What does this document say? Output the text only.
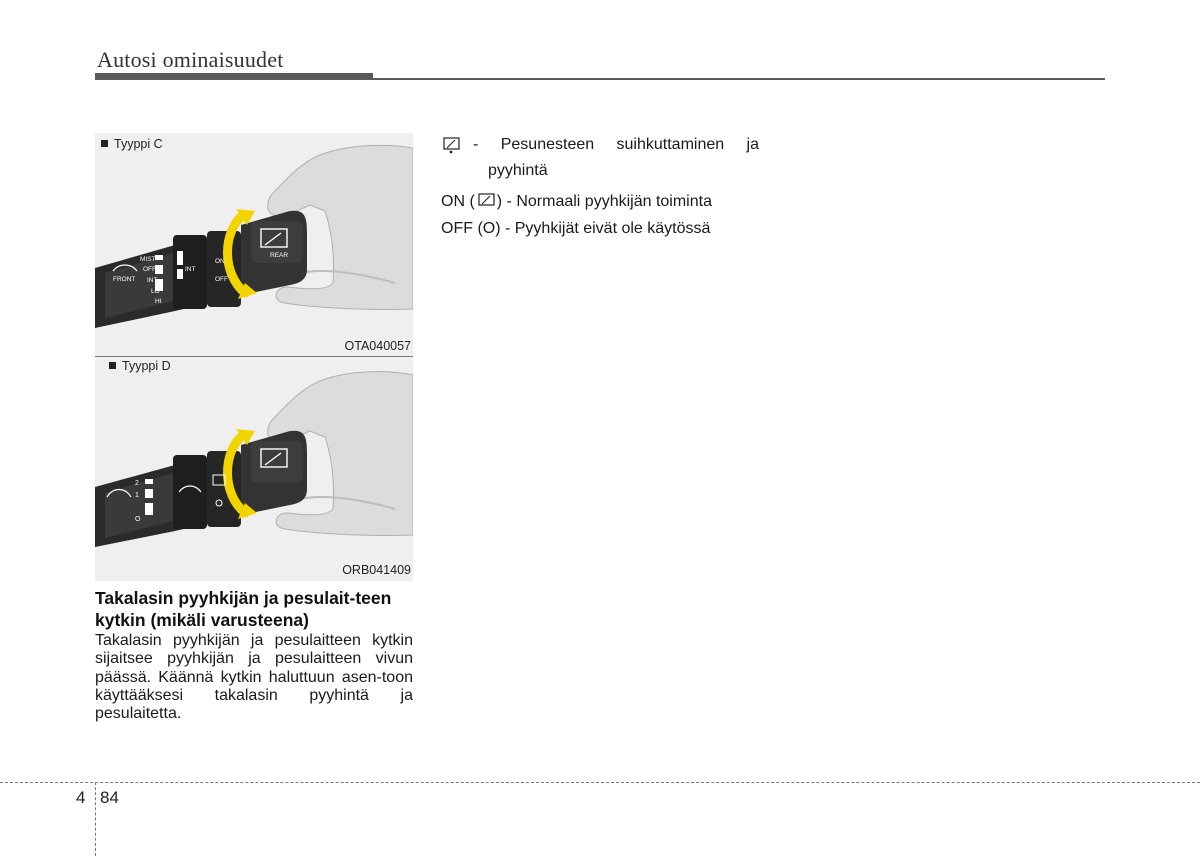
Autosi ominaisuudet
MIST
OFF
INT
LO
HI
FRONT
INT
ON
OFF
REAR
Tyyppi C
OTA040057
2
1
O
Tyyppi D
ORB041409
Takalasin pyyhkijän ja pesulait-teen kytkin (mikäli varusteena)
Takalasin pyyhkijän ja pesulaitteen kytkin sijaitsee pyyhkijän ja pesulaitteen vivun päässä. Käännä kytkin haluttuun asen-toon käyttääksesi takalasin pyyhintä ja pesulaitetta.
- Pesunesteen suihkuttaminen ja
pyyhintä
ON ( ) - Normaali pyyhkijän toiminta
OFF (O) - Pyyhkijät eivät ole käytössä
4 84
